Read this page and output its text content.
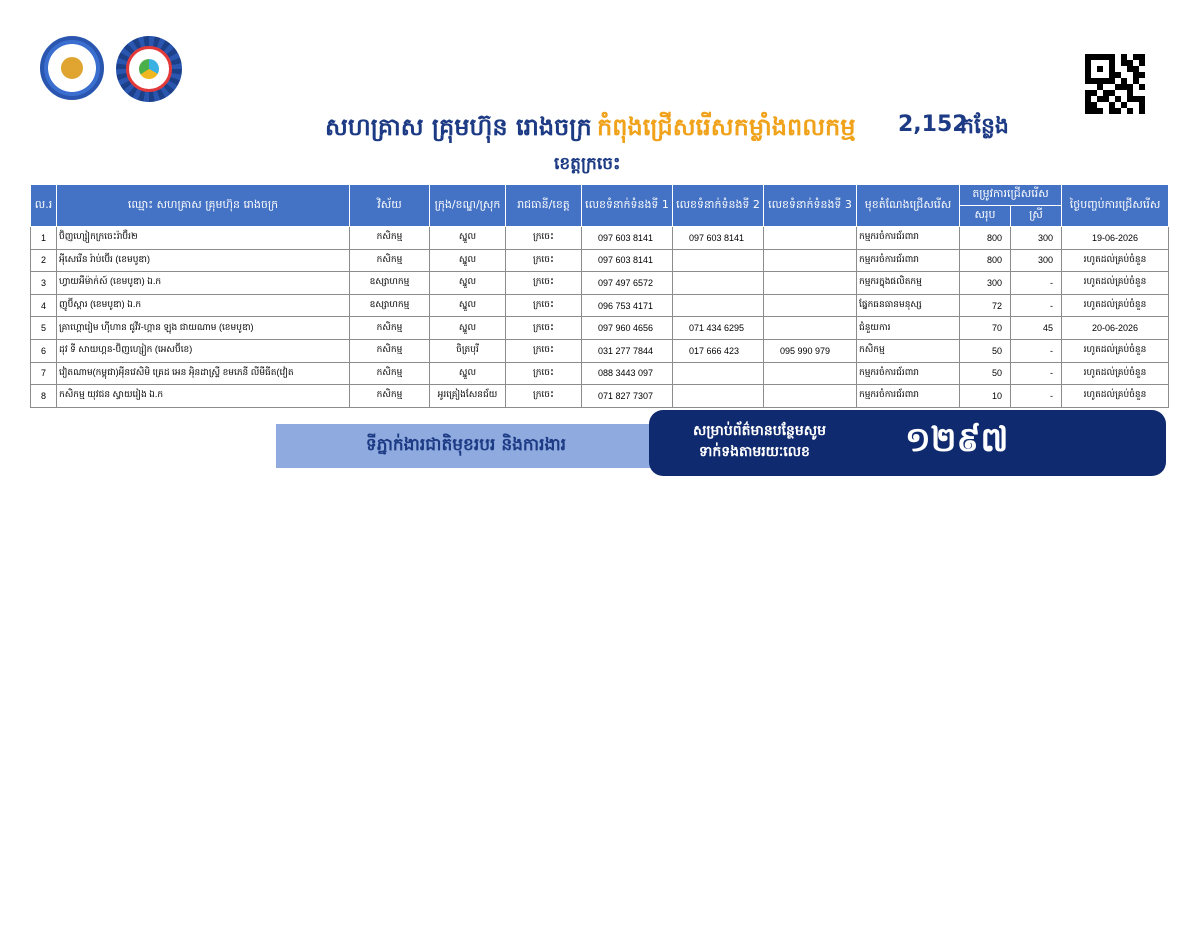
សហគ្រាស គ្រុមហ៊ុន រោងចក្រ កំពុងជ្រើសរើសកម្លាំងពលកម្ម 2,152
កន្លែង
ខេត្តក្រចេះ
ល.រ	ឈ្មោះ សហគ្រាស គ្រុមហ៊ុន រោងចក្រ	វិស័យ	ក្រុង/ខណ្ឌ/ស្រុក	រាជធានី/ខេត្ត	លេខទំនាក់ទំនងទី 1	លេខទំនាក់ទំនងទី 2	លេខទំនាក់ទំនងទី 3	មុខតំណែងជ្រើសរើស	តម្រូវការជ្រើសរើស		ថ្ងៃបញ្ចប់ការជ្រើសរើស
									សរុប	ស្រី	
1	ប៊ិញហ្សៀកក្រចេះរ៉ាប៊ឺរ២	កសិកម្ម	ស្នួល	ក្រចេះ	097 603 8141	097 603 8141		កម្មករចំការជ័រពារា	800	300	19-06-2026
2	អុីសេរើន រ៉ាប់ប៊ើរ (ខេមបូឌា)	កសិកម្ម	ស្នួល	ក្រចេះ	097 603 8141			កម្មករចំការជ័រពារា	800	300	រហូតដល់គ្រប់ចំនួន
3	ហ្វាយអឹម៉ាក់ស៍ (ខេមបូឌា) ឯ.ក	ឧស្សាហកម្ម	ស្នួល	ក្រចេះ	097 497 6572			កម្មករក្នុងផលិតកម្ម	300	-	រហូតដល់គ្រប់ចំនួន
4	ញូប៊ីស្តារ (ខេមបូឌា) ឯ.ក	ឧស្សាហកម្ម	ស្នួល	ក្រចេះ	096 753 4171			ផ្នែកធនធានមនុស្ស	72	-	រហូតដល់គ្រប់ចំនួន
5	គ្រាហ្គោរៀម ហ៊ីហាន ជូវីវ-ហ្គាន ឡុង ជាយណាម (ខេមបូឌា)	កសិកម្ម	ស្នួល	ក្រចេះ	097 960 4656	071 434 6295		ជំនួយការ	70	45	20-06-2026
6	ដុវ ទី សាយហ្គន-ប៊ិញហ្សៀក (អេសប៊ីខេ)	កសិកម្ម	ចិត្របុរី	ក្រចេះ	031 277 7844	017 666 423	095 990 979	កសិកម្ម	50	-	រហូតដល់គ្រប់ចំនួន
7	វៀតណាម(កម្ពុជា)អុីនវេសិមិ គ្រេដ អេន អុិនដាស្ទ្រី ខមភេនី លីមីធីត(វៀត	កសិកម្ម	ស្នួល	ក្រចេះ	088 3443 097			កម្មករចំការជ័រពារា	50	-	រហូតដល់គ្រប់ចំនួន
8	កសិកម្ម យុវជន ស្វាយរៀង ឯ.ក	កសិកម្ម	អូរគ្រៀងសែនជ័យ	ក្រចេះ	071 827 7307			កម្មករចំការជ័រពារា	10	-	រហូតដល់គ្រប់ចំនួន
ទីភ្នាក់ងារជាតិមុខរបរ និងការងារ
សម្រាប់ព័ត៌មានបន្ថែមសូម
ទាក់ទងតាមរយៈលេខ	១២៩៧
